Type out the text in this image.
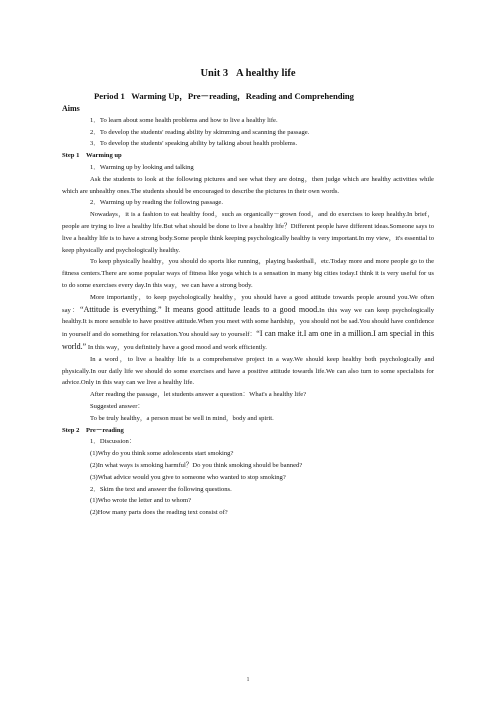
Unit 3   A healthy life
Period 1   Warming Up，Pre－reading，Reading and Comprehending

Aims

1．To learn about some health problems and how to live a healthy life.

2．To develop the students' reading ability by skimming and scanning the passage.

3．To develop the students' speaking ability by talking about health problems.

Step 1    Warming up

1．Warming up by looking and talking

Ask the students to look at the following pictures and see what they are doing，then judge which are healthy activities while which are unhealthy ones.The students should be encouraged to describe the pictures in their own words.

2．Warming up by reading the following passage.

Nowadays，it is a fashion to eat healthy food，such as organically－grown food，and do exercises to keep healthy.In brief，people are trying to live a healthy life.But what should be done to live a healthy life？Different people have different ideas.Someone says to live a healthy life is to have a strong body.Some people think keeping psychologically healthy is very important.In my view，it's essential to keep physically and psychologically healthy.

To keep physically healthy，you should do sports like running，playing basketball，etc.Today more and more people go to the fitness centers.There are some popular ways of fitness like yoga which is a sensation in many big cities today.I think it is very useful for us to do some exercises every day.In this way，we can have a strong body.

More importantly，to keep psychologically healthy，you should have a good attitude towards people around you.We often say：“Attitude is everything.” It means good attitude leads to a good mood.In this way we can keep psychologically healthy.It is more sensible to have positive attitude.When you meet with some hardship，you should not be sad.You should have confidence in yourself and do something for relaxation.You should say to yourself：“I can make it.I am one in a million.I am special in this world.” In this way，you definitely have a good mood and work efficiently.

In a word，to live a healthy life is a comprehensive project in a way.We should keep healthy both psychologically and physically.In our daily life we should do some exercises and have a positive attitude towards life.We can also turn to some specialists for advice.Only in this way can we live a healthy life.

After reading the passage，let students answer a question：What's a healthy life?

Suggested answer：

To be truly healthy，a person must be well in mind，body and spirit.

Step 2    Pre－reading

1．Discussion：

(1)Why do you think some adolescents start smoking?

(2)In what ways is smoking harmful？Do you think smoking should be banned?

(3)What advice would you give to someone who wanted to stop smoking?

2．Skim the text and answer the following questions.

(1)Who wrote the letter and to whom?

(2)How many parts does the reading text consist of?

1
